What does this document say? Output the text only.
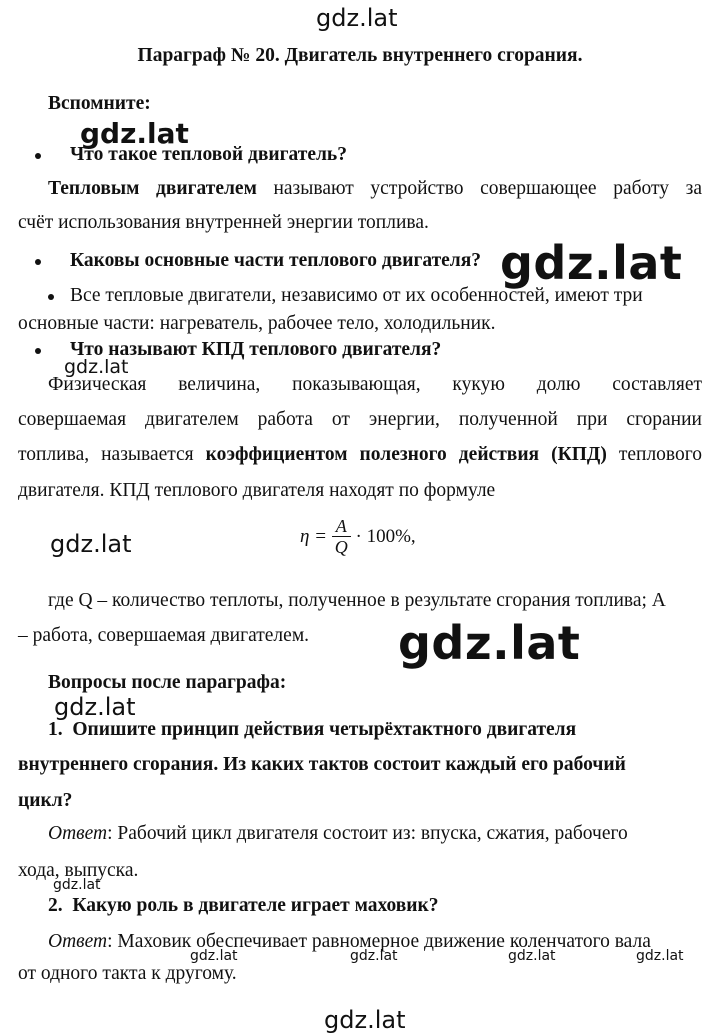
gdz.lat
gdz.lat
gdz.lat
gdz.lat
gdz.lat
gdz.lat
gdz.lat
gdz.lat
gdz.lat	gdz.lat	gdz.lat	gdz.lat
gdz.lat
Параграф № 20. Двигатель внутреннего сгорания.
Вспомните:
Что такое тепловой двигатель?
Тепловым двигателем называют устройство совершающее работу за
счёт использования внутренней энергии топлива.
Каковы основные части теплового двигателя?
Все тепловые двигатели, независимо от их особенностей, имеют три
основные части: нагреватель, рабочее тело, холодильник.
Что называют КПД теплового двигателя?
Физическая величина, показывающая, кукую долю составляет
совершаемая двигателем работа от энергии, полученной при сгорании
топлива, называется коэффициентом полезного действия (КПД) теплового
двигателя. КПД теплового двигателя находят по формуле
$\eta = \frac{A}{Q} \cdot 100\%$,
где Q – количество теплоты, полученное в результате сгорания топлива; А
– работа, совершаемая двигателем.
Вопросы после параграфа:
1. Опишите принцип действия четырёхтактного двигателя
внутреннего сгорания. Из каких тактов состоит каждый его рабочий
цикл?
Ответ: Рабочий цикл двигателя состоит из: впуска, сжатия, рабочего
хода, выпуска.
2. Какую роль в двигателе играет маховик?
Ответ: Маховик обеспечивает равномерное движение коленчатого вала
от одного такта к другому.
